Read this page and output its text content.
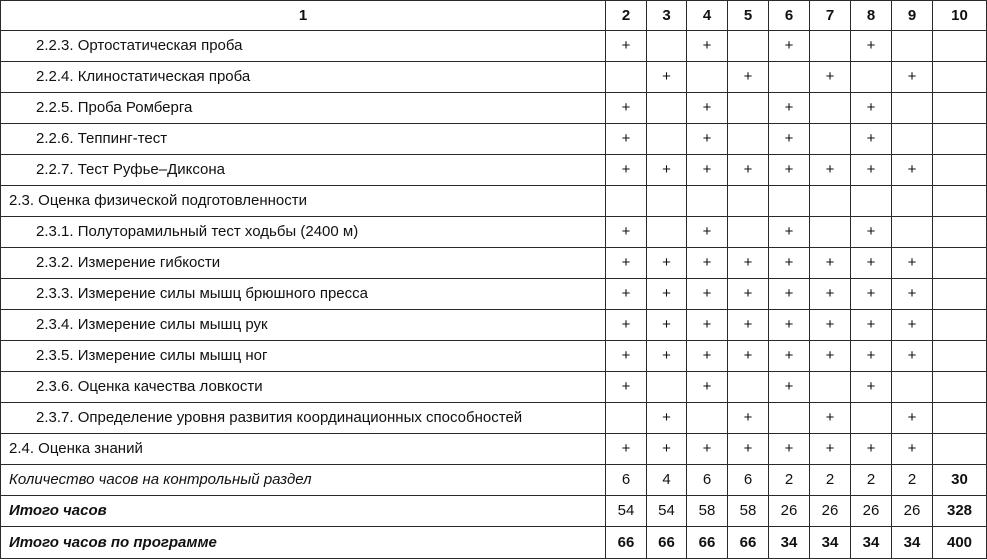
1	2	3	4	5	6	7	8	9	10
2.2.3. Ортостатическая проба	+		+		+		+		
2.2.4. Клиностатическая проба		+		+		+		+	
2.2.5. Проба Ромберга	+		+		+		+		
2.2.6. Теппинг-тест	+		+		+		+		
2.2.7. Тест Руфье–Диксона	+	+	+	+	+	+	+	+	
2.3. Оценка физической подготовленности									
2.3.1. Полуторамильный тест ходьбы (2400 м)	+		+		+		+		
2.3.2. Измерение гибкости	+	+	+	+	+	+	+	+	
2.3.3. Измерение силы мышц брюшного пресса	+	+	+	+	+	+	+	+	
2.3.4. Измерение силы мышц рук	+	+	+	+	+	+	+	+	
2.3.5. Измерение силы мышц ног	+	+	+	+	+	+	+	+	
2.3.6. Оценка качества ловкости	+		+		+		+		
2.3.7. Определение уровня развития координационных способностей		+		+		+		+	
2.4. Оценка знаний	+	+	+	+	+	+	+	+	
Количество часов на контрольный раздел	6	4	6	6	2	2	2	2	30
Итого часов	54	54	58	58	26	26	26	26	328
Итого часов по программе	66	66	66	66	34	34	34	34	400
